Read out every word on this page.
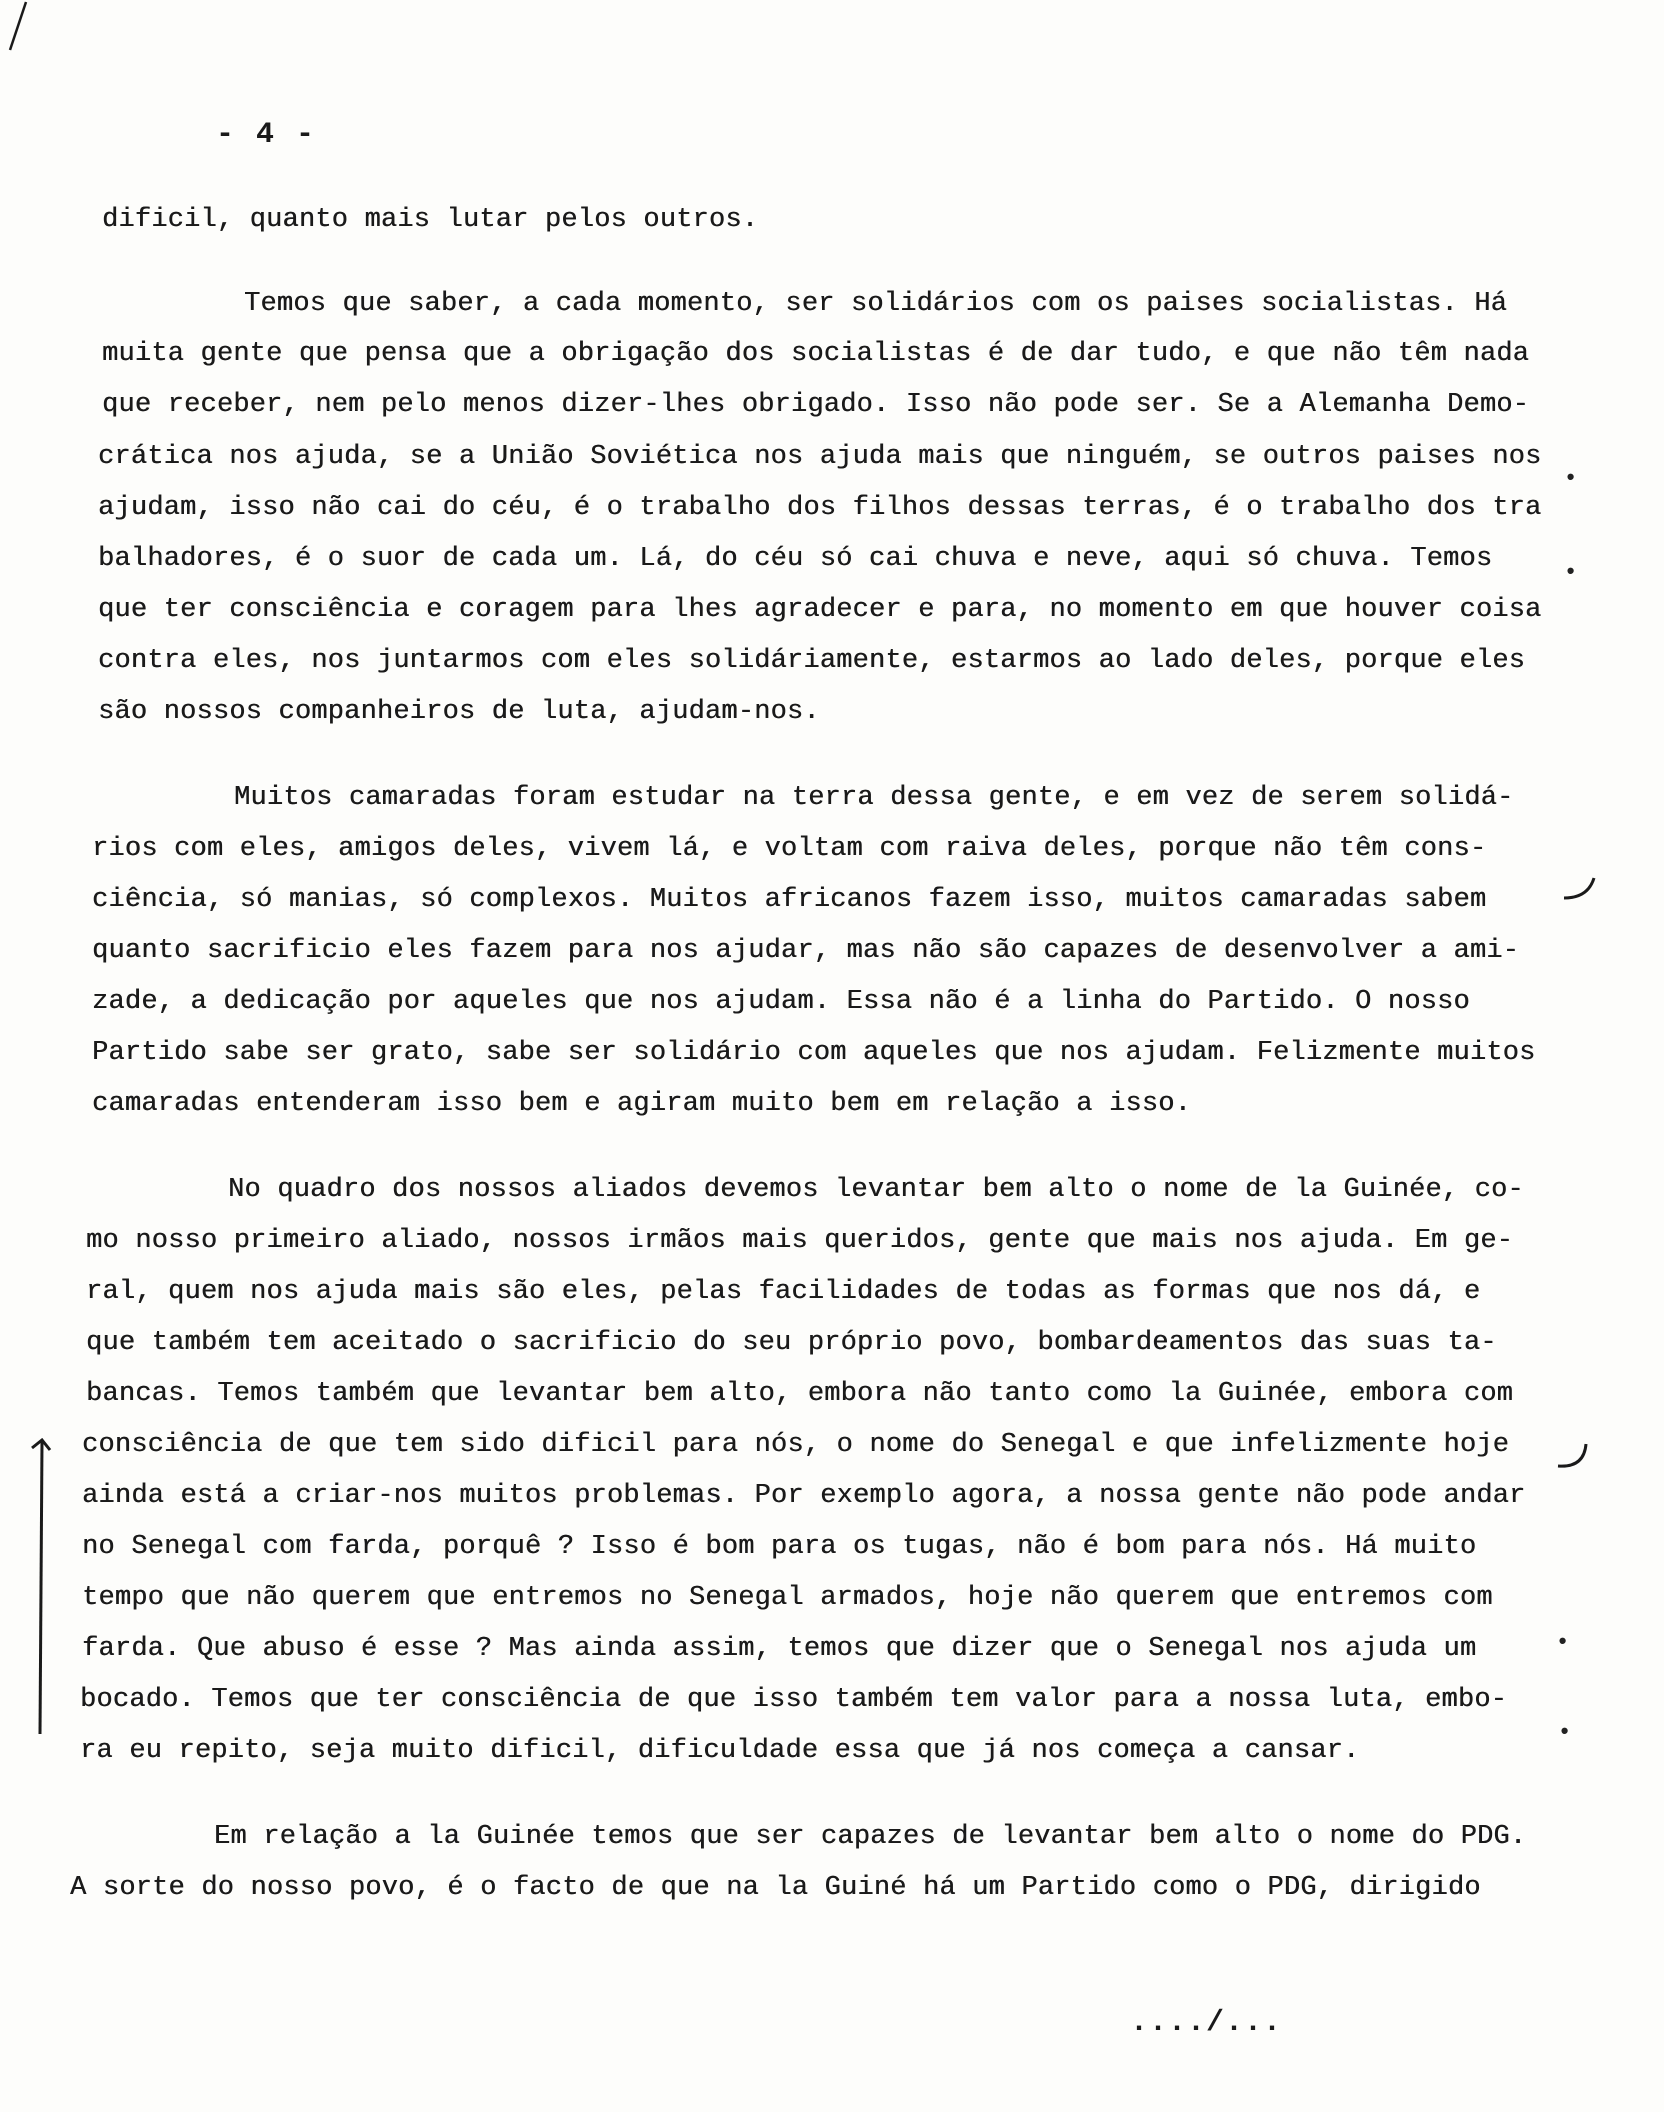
- 4 -
dificil, quanto mais lutar pelos outros.
Temos que saber, a cada momento, ser solidários com os paises socialistas. Há
muita gente que pensa que a obrigação dos socialistas é de dar tudo, e que não têm nada
que receber, nem pelo menos dizer-lhes obrigado. Isso não pode ser. Se a Alemanha Demo-
crática nos ajuda, se a União Soviética nos ajuda mais que ninguém, se outros paises nos
ajudam, isso não cai do céu, é o trabalho dos filhos dessas terras, é o trabalho dos tra
balhadores, é o suor de cada um. Lá, do céu só cai chuva e neve, aqui só chuva. Temos
que ter consciência e coragem para lhes agradecer e para, no momento em que houver coisa
contra eles, nos juntarmos com eles solidáriamente, estarmos ao lado deles, porque eles
são nossos companheiros de luta, ajudam-nos.
Muitos camaradas foram estudar na terra dessa gente, e em vez de serem solidá-
rios com eles, amigos deles, vivem lá, e voltam com raiva deles, porque não têm cons-
ciência, só manias, só complexos. Muitos africanos fazem isso, muitos camaradas sabem
quanto sacrificio eles fazem para nos ajudar, mas não são capazes de desenvolver a ami-
zade, a dedicação por aqueles que nos ajudam. Essa não é a linha do Partido. O nosso
Partido sabe ser grato, sabe ser solidário com aqueles que nos ajudam. Felizmente muitos
camaradas entenderam isso bem e agiram muito bem em relação a isso.
No quadro dos nossos aliados devemos levantar bem alto o nome de la Guinée, co-
mo nosso primeiro aliado, nossos irmãos mais queridos, gente que mais nos ajuda. Em ge-
ral, quem nos ajuda mais são eles, pelas facilidades de todas as formas que nos dá, e
que também tem aceitado o sacrificio do seu próprio povo, bombardeamentos das suas ta-
bancas. Temos também que levantar bem alto, embora não tanto como la Guinée, embora com
consciência de que tem sido dificil para nós, o nome do Senegal e que infelizmente hoje
ainda está a criar-nos muitos problemas. Por exemplo agora, a nossa gente não pode andar
no Senegal com farda, porquê ? Isso é bom para os tugas, não é bom para nós. Há muito
tempo que não querem que entremos no Senegal armados, hoje não querem que entremos com
farda. Que abuso é esse ? Mas ainda assim, temos que dizer que o Senegal nos ajuda um
bocado. Temos que ter consciência de que isso também tem valor para a nossa luta, embo-
ra eu repito, seja muito dificil, dificuldade essa que já nos começa a cansar.
Em relação a la Guinée temos que ser capazes de levantar bem alto o nome do PDG.
A sorte do nosso povo, é o facto de que na la Guiné há um Partido como o PDG, dirigido
..../...
•
•
•
•
